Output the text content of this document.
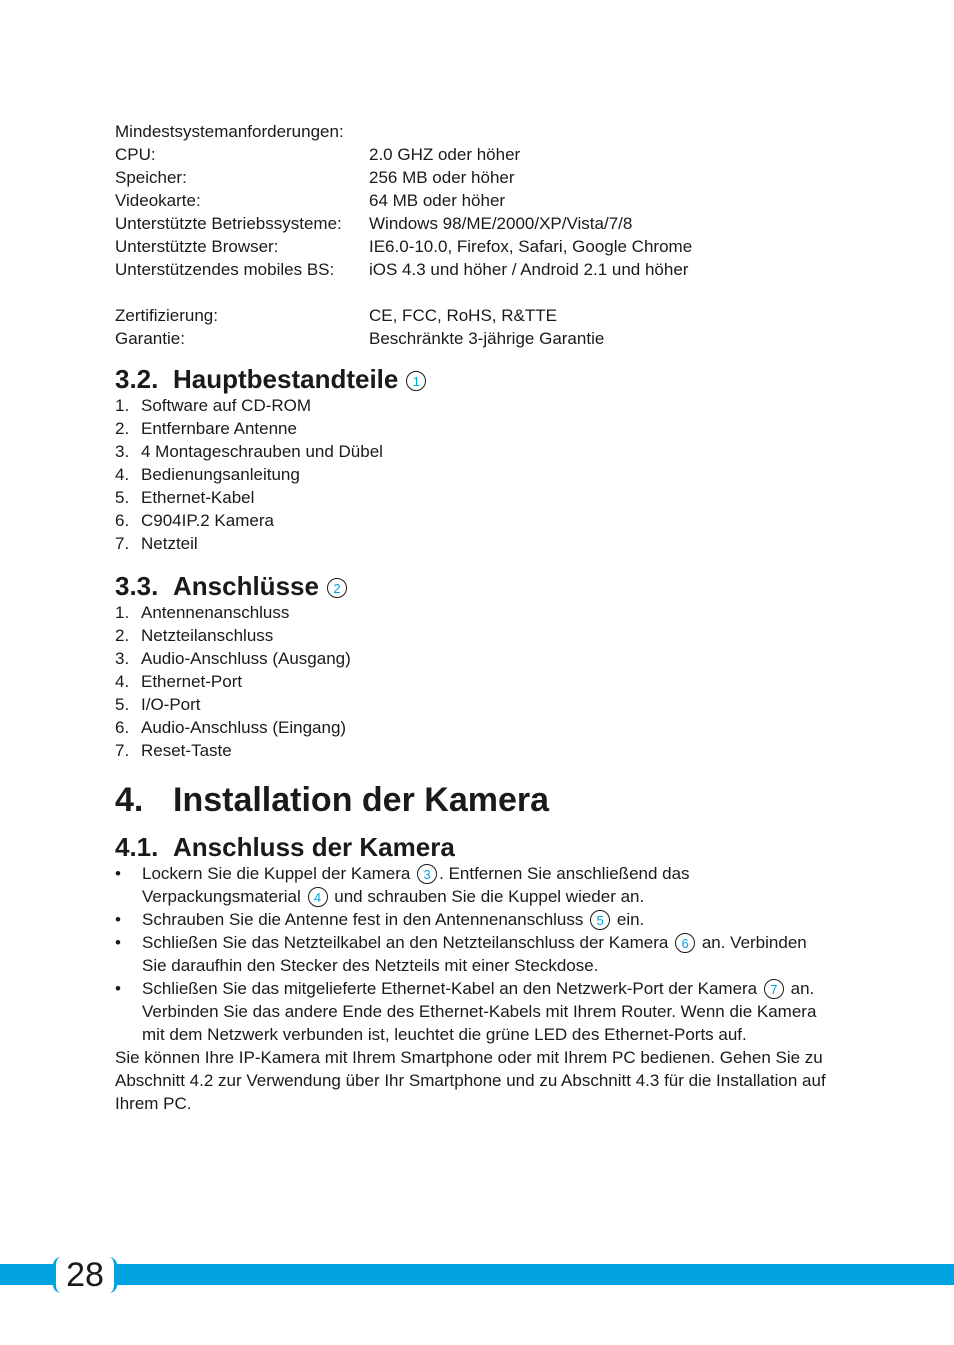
Mindestsystemanforderungen:
CPU:	2.0 GHZ oder höher
Speicher:	256 MB oder höher
Videokarte:	64 MB oder höher
Unterstützte Betriebssysteme:	Windows 98/ME/2000/XP/Vista/7/8
Unterstützte Browser:	IE6.0-10.0, Firefox, Safari, Google Chrome
Unterstützendes mobiles BS:	iOS 4.3 und höher / Android 2.1 und höher
Zertifizierung:	CE, FCC, RoHS, R&TTE
Garantie:	Beschränkte 3-jährige Garantie
3.2. Hauptbestandteile	1
1. Software auf CD-ROM
2. Entfernbare Antenne
3. 4 Montageschrauben und Dübel
4. Bedienungsanleitung
5. Ethernet-Kabel
6. C904IP.2 Kamera
7. Netzteil
3.3. Anschlüsse	2
1. Antennenanschluss
2. Netzteilanschluss
3. Audio-Anschluss (Ausgang)
4. Ethernet-Port
5. I/O-Port
6. Audio-Anschluss (Eingang)
7. Reset-Taste
4. Installation der Kamera
4.1. Anschluss der Kamera
•	Lockern Sie die Kuppel der Kamera 3 . Entfernen Sie anschließend das Verpackungsmaterial 4 und schrauben Sie die Kuppel wieder an.
•	Schrauben Sie die Antenne fest in den Antennenanschluss 5 ein.
•	Schließen Sie das Netzteilkabel an den Netzteilanschluss der Kamera 6 an. Verbinden Sie daraufhin den Stecker des Netzteils mit einer Steckdose.
•	Schließen Sie das mitgelieferte Ethernet-Kabel an den Netzwerk-Port der Kamera 7 an. Verbinden Sie das andere Ende des Ethernet-Kabels mit Ihrem Router. Wenn die Kamera mit dem Netzwerk verbunden ist, leuchtet die grüne LED des Ethernet-Ports auf.

Sie können Ihre IP-Kamera mit Ihrem Smartphone oder mit Ihrem PC bedienen. Gehen Sie zu Abschnitt 4.2 zur Verwendung über Ihr Smartphone und zu Abschnitt 4.3 für die Installation auf Ihrem PC.

28
